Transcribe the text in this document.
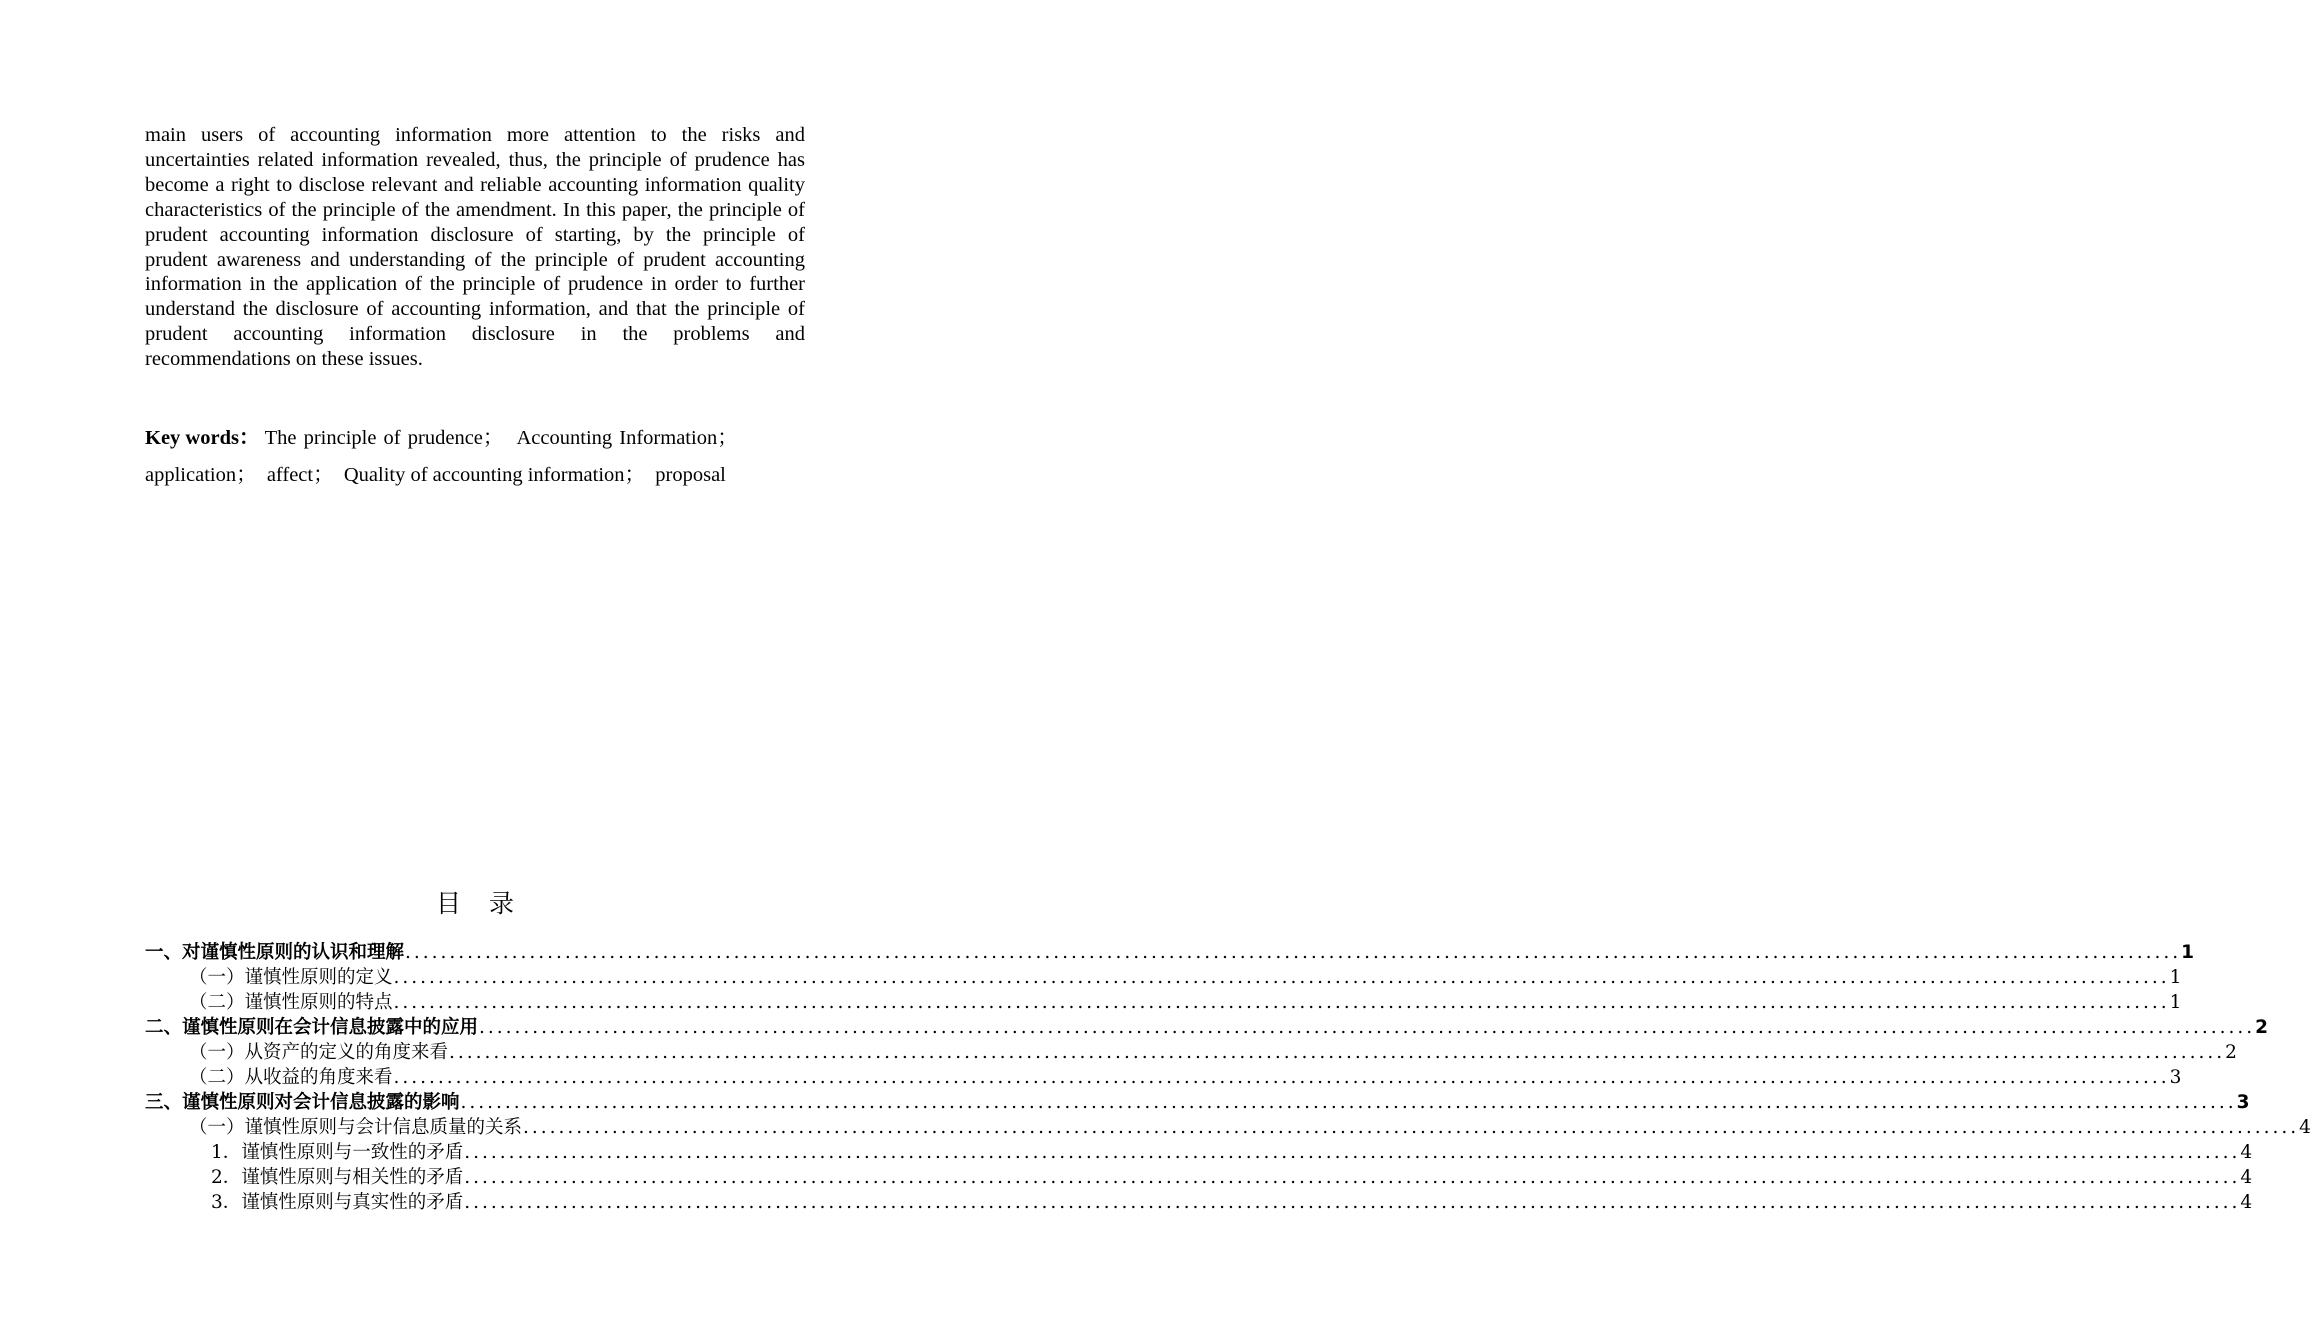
main users of accounting information more attention to the risks and uncertainties related information revealed, thus, the principle of prudence has become a right to disclose relevant and reliable accounting information quality characteristics of the principle of the amendment. In this paper, the principle of prudent accounting information disclosure of starting, by the principle of prudent awareness and understanding of the principle of prudent accounting information in the application of the principle of prudence in order to further understand the disclosure of accounting information, and that the principle of prudent accounting information disclosure in the problems and recommendations on these issues.

Key words： The principle of prudence；  Accounting Information；
application；  affect；  Quality of accounting information；  proposal
目录
一、对谨慎性原则的认识和理解 ........................................................................................................................................................................................................ 1
（一）谨慎性原则的定义 ........................................................................................................................................................................................................ 1
（二）谨慎性原则的特点 ........................................................................................................................................................................................................ 1
二、谨慎性原则在会计信息披露中的应用 ........................................................................................................................................................................................................ 2
（一）从资产的定义的角度来看 ........................................................................................................................................................................................................ 2
（二）从收益的角度来看 ........................................................................................................................................................................................................ 3
三、谨慎性原则对会计信息披露的影响 ........................................................................................................................................................................................................ 3
（一）谨慎性原则与会计信息质量的关系 ........................................................................................................................................................................................................ 4
1．谨慎性原则与一致性的矛盾 ........................................................................................................................................................................................................ 4
2．谨慎性原则与相关性的矛盾 ........................................................................................................................................................................................................ 4
3．谨慎性原则与真实性的矛盾 ........................................................................................................................................................................................................ 4
